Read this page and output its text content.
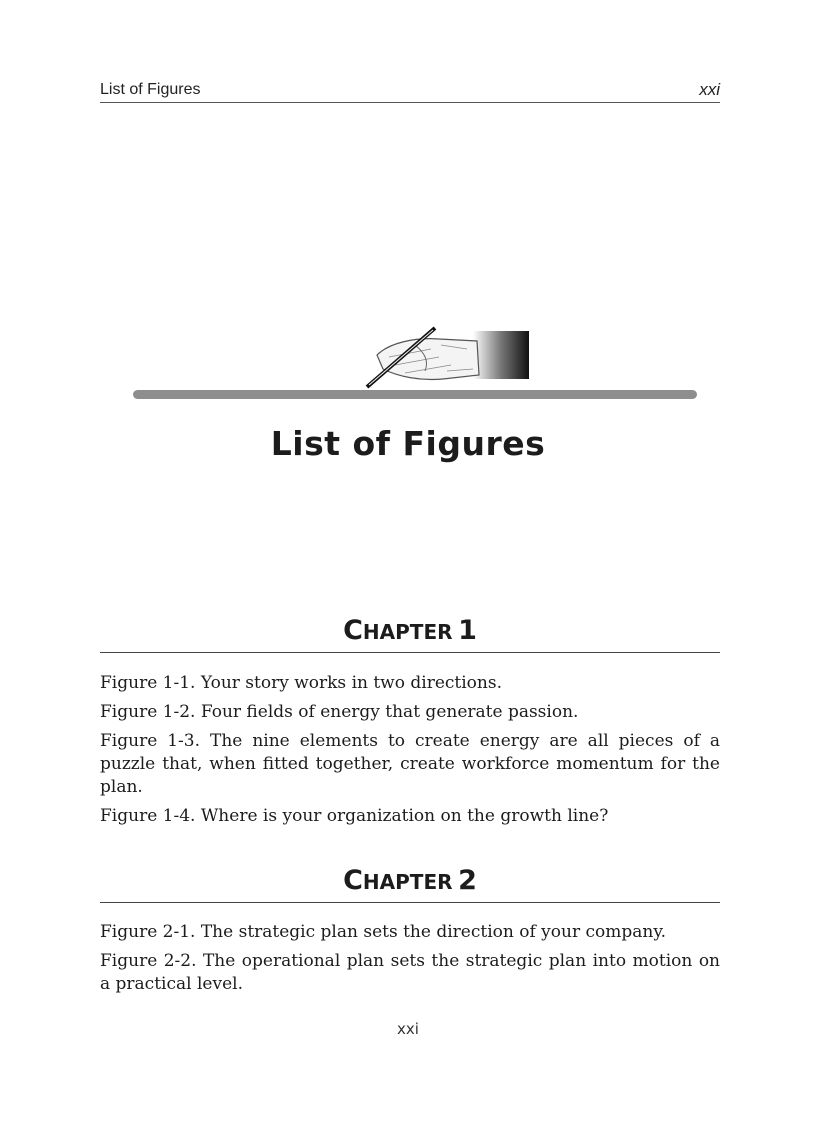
List of Figures	xxi
List of Figures
CHAPTER 1

Figure 1-1. Your story works in two directions.

Figure 1-2. Four fields of energy that generate passion.

Figure 1-3. The nine elements to create energy are all pieces of a puzzle that, when fitted together, create workforce momentum for the plan.

Figure 1-4. Where is your organization on the growth line?

CHAPTER 2

Figure 2-1. The strategic plan sets the direction of your company.

Figure 2-2. The operational plan sets the strategic plan into motion on a practical level.

xxi
